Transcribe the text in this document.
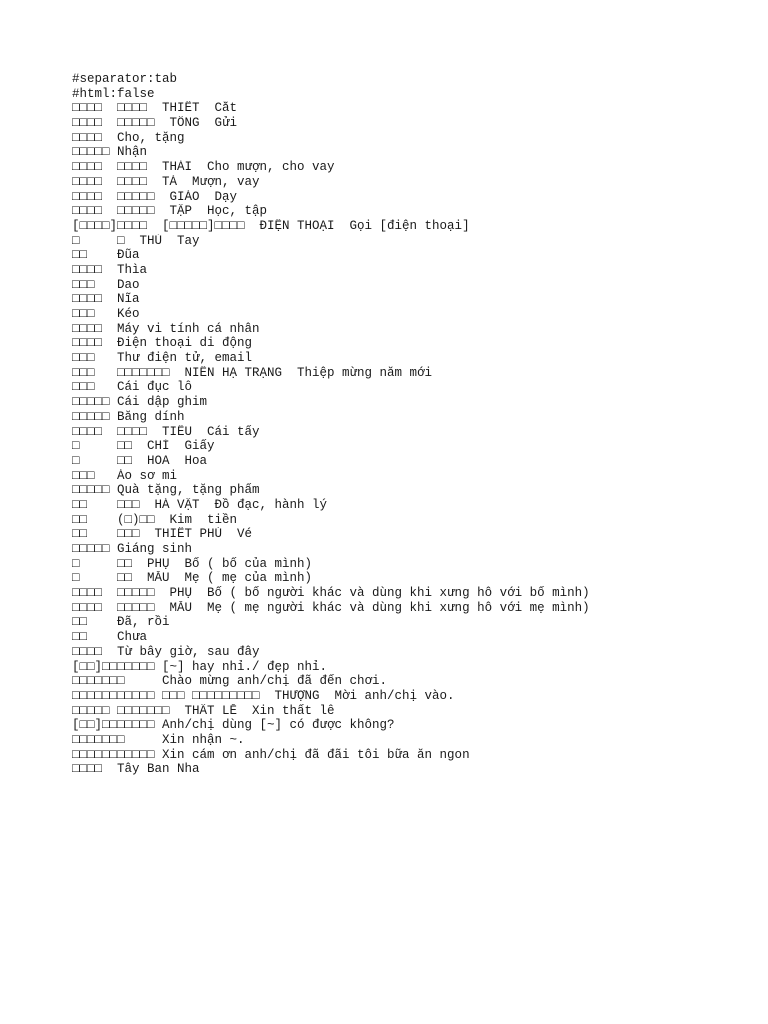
#separator:tab
#html:false
□□□□  □□□□  THIẾT  Cắt
□□□□  □□□□□  TỔNG  Gửi
□□□□  Cho, tặng
□□□□□ Nhận
□□□□  □□□□  THẢI  Cho mượn, cho vay
□□□□  □□□□  TÁ  Mượn, vay
□□□□  □□□□□  GIÁO  Dạy
□□□□  □□□□□  TẬP  Học, tập
[□□□□]□□□□  [□□□□□]□□□□  ĐIỆN THOẠI  Gọi [điện thoại]
□     □  THỦ  Tay
□□    Đũa
□□□□  Thìa
□□□   Dao
□□□□  Nĩa
□□□   Kéo
□□□□  Máy vi tính cá nhân
□□□□  Điện thoại di động
□□□   Thư điện tử, email
□□□   □□□□□□□  NIÊN HẠ TRẠNG  Thiệp mừng năm mới
□□□   Cái đục lỗ
□□□□□ Cái dập ghim
□□□□□ Băng dính
□□□□  □□□□  TIÊU  Cái tẩy
□     □□  CHỈ  Giấy
□     □□  HOA  Hoa
□□□   Áo sơ mi
□□□□□ Quà tặng, tặng phẩm
□□    □□□  HÀ VẬT  Đồ đạc, hành lý
□□    (□)□□  Kim  tiền
□□    □□□  THIẾT PHÙ  Vé
□□□□□ Giáng sinh
□     □□  PHỤ  Bố ( bố của mình)
□     □□  MẪU  Mẹ ( mẹ của mình)
□□□□  □□□□□  PHỤ  Bố ( bố người khác và dùng khi xưng hô với bố mình)
□□□□  □□□□□  MẪU  Mẹ ( mẹ người khác và dùng khi xưng hô với mẹ mình)
□□    Đã, rồi
□□    Chưa
□□□□  Từ bây giờ, sau đây
[□□]□□□□□□□ [~] hay nhỉ./ đẹp nhỉ.
□□□□□□□     Chào mừng anh/chị đã đến chơi.
□□□□□□□□□□□ □□□ □□□□□□□□□  THƯỢNG  Mời anh/chị vào.
□□□□□ □□□□□□□  THẤT LỄ  Xin thất lễ
[□□]□□□□□□□ Anh/chị dùng [~] có được không?
□□□□□□□     Xin nhận ~.
□□□□□□□□□□□ Xin cám ơn anh/chị đã đãi tôi bữa ăn ngon
□□□□  Tây Ban Nha
